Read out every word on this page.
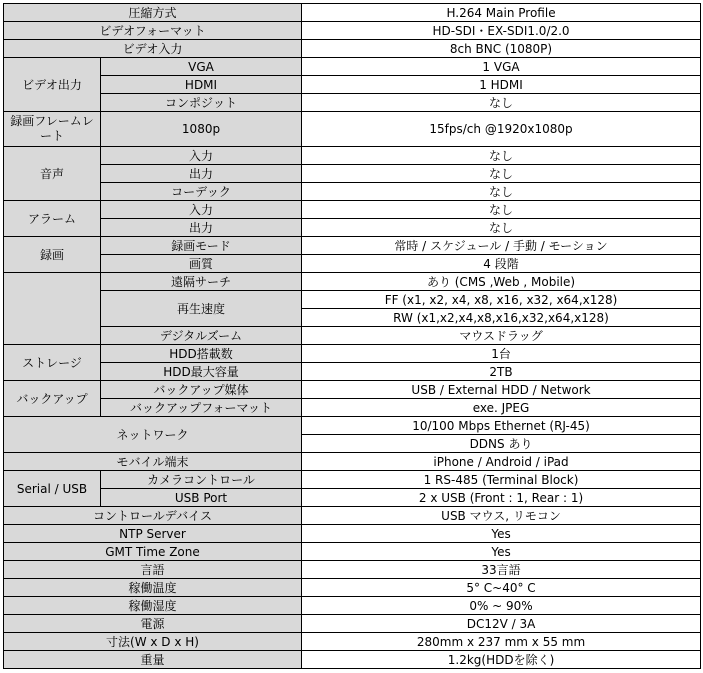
圧縮方式		H.264 Main Profile
ビデオフォーマット		HD-SDI・EX-SDI1.0/2.0
ビデオ入力		8ch BNC (1080P)
ビデオ出力	VGA	1 VGA
	HDMI	1 HDMI
	コンポジット	なし
録画フレームレート	1080p	15fps/ch @1920x1080p
音声	入力	なし
	出力	なし
	コーデック	なし
アラーム	入力	なし
	出力	なし
録画	録画モード	常時 / スケジュール / 手動 / モーション
	画質	4 段階
	遠隔サーチ	あり (CMS ,Web , Mobile)
	再生速度	FF (x1, x2, x4, x8, x16, x32, x64,x128)
		RW (x1,x2,x4,x8,x16,x32,x64,x128)
	デジタルズーム	マウスドラッグ
ストレージ	HDD搭載数	1台
	HDD最大容量	2TB
バックアップ	バックアップ媒体	USB / External HDD / Network
	バックアップフォーマット	exe. JPEG
ネットワーク		10/100 Mbps Ethernet (RJ-45)
		DDNS あり
モバイル端末		iPhone / Android / iPad
Serial / USB	カメラコントロール	1 RS-485 (Terminal Block)
	USB Port	2 x USB (Front : 1, Rear : 1)
コントロールデバイス		USB マウス, リモコン
NTP Server		Yes
GMT Time Zone		Yes
言語		33言語
稼働温度		5° C~40° C
稼働湿度		0% ~ 90%
電源		DC12V / 3A
寸法(W x D x H)		280mm x 237 mm x 55 mm
重量		1.2kg(HDDを除く)
